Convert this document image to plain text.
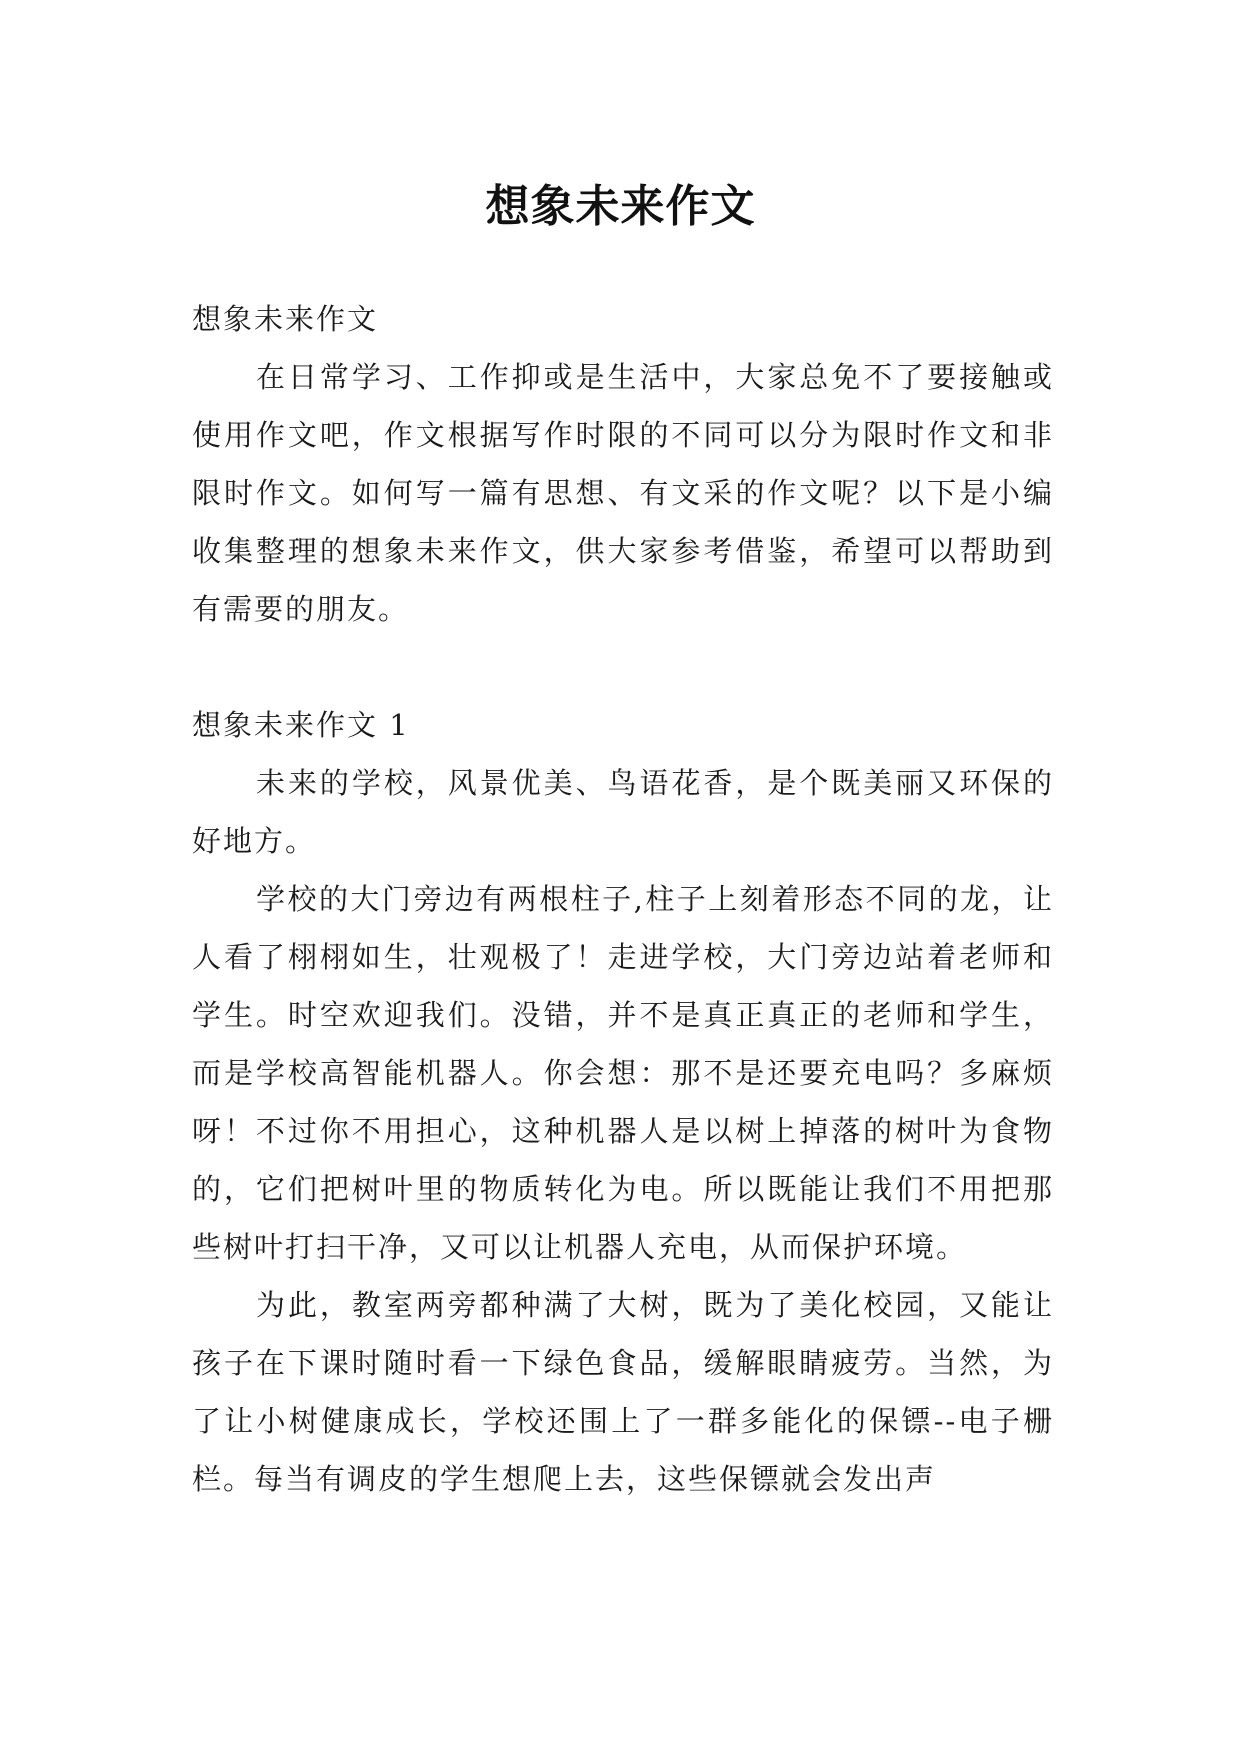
想象未来作文

想象未来作文

在日常学习、工作抑或是生活中，大家总免不了要接触或使用作文吧，作文根据写作时限的不同可以分为限时作文和非限时作文。如何写一篇有思想、有文采的作文呢？以下是小编收集整理的想象未来作文，供大家参考借鉴，希望可以帮助到有需要的朋友。

想象未来作文 1

未来的学校，风景优美、鸟语花香，是个既美丽又环保的好地方。

学校的大门旁边有两根柱子,柱子上刻着形态不同的龙，让人看了栩栩如生，壮观极了！走进学校，大门旁边站着老师和学生。时空欢迎我们。没错，并不是真正真正的老师和学生，而是学校高智能机器人。你会想：那不是还要充电吗？多麻烦呀！不过你不用担心，这种机器人是以树上掉落的树叶为食物的，它们把树叶里的物质转化为电。所以既能让我们不用把那些树叶打扫干净，又可以让机器人充电，从而保护环境。

为此，教室两旁都种满了大树，既为了美化校园，又能让孩子在下课时随时看一下绿色食品，缓解眼睛疲劳。当然，为了让小树健康成长，学校还围上了一群多能化的保镖--电子栅栏。每当有调皮的学生想爬上去，这些保镖就会发出声
